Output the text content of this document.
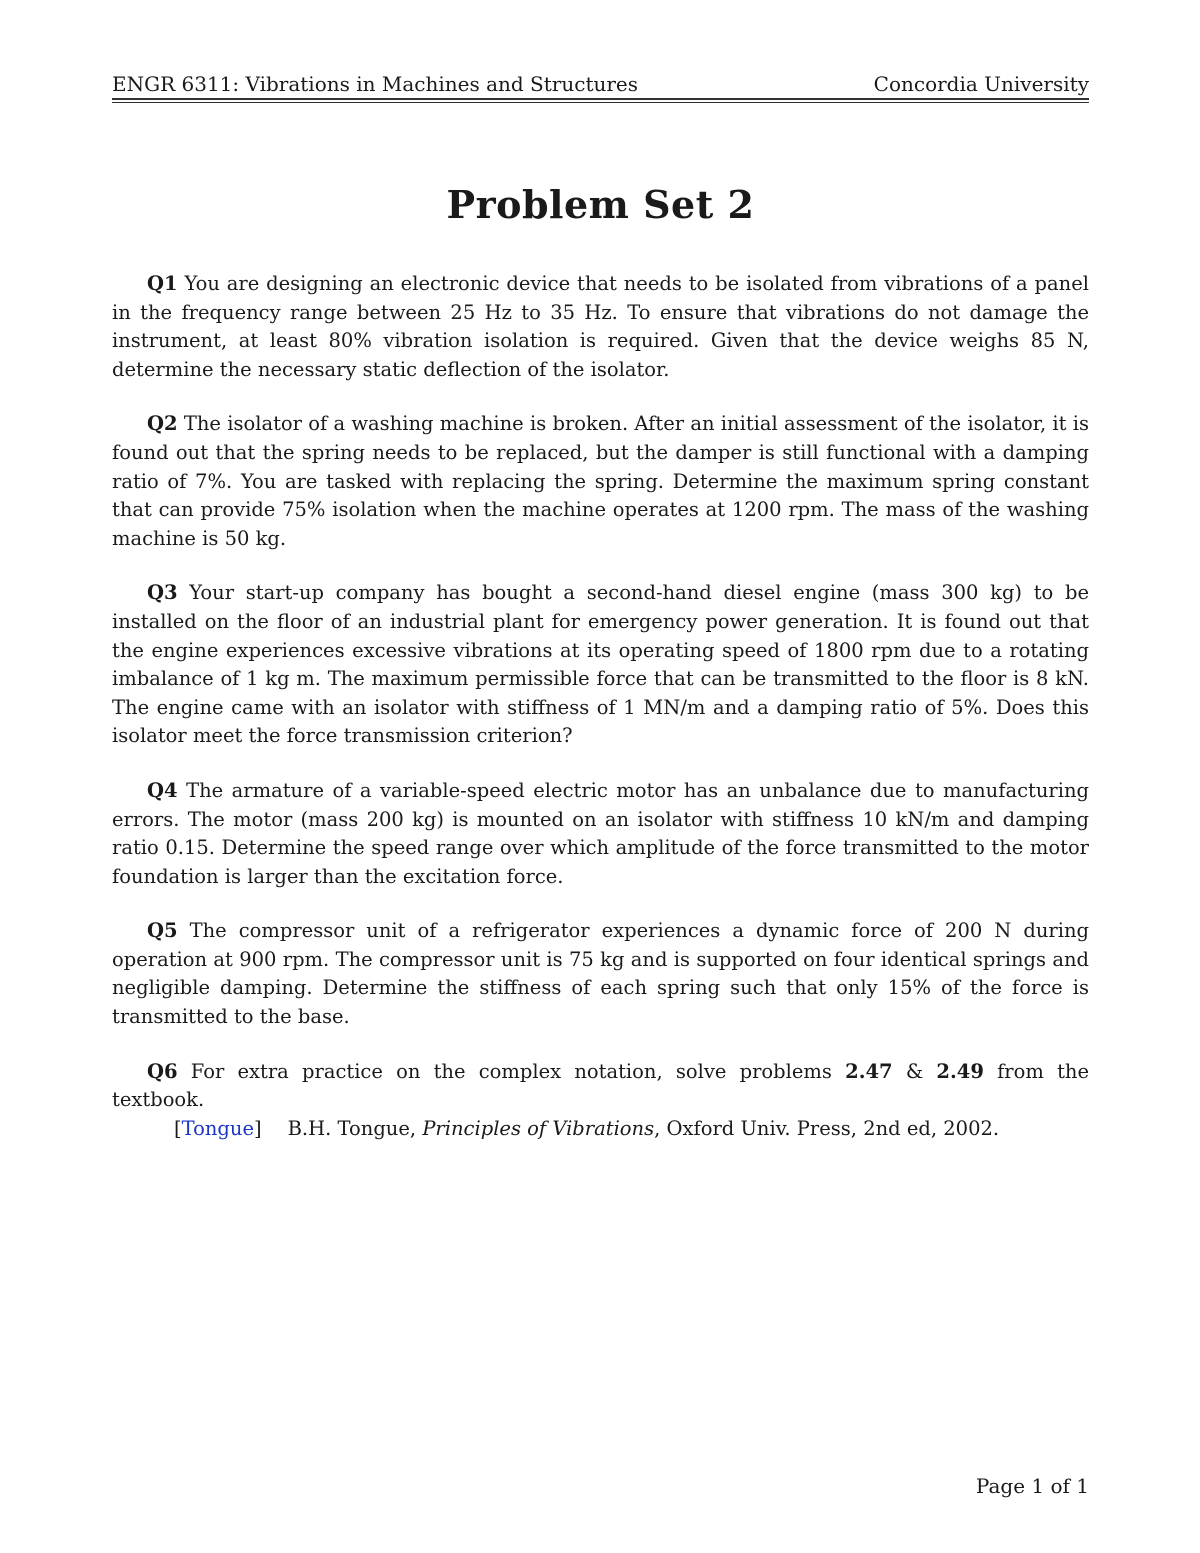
ENGR 6311: Vibrations in Machines and Structures	Concordia University
Problem Set 2

Q1 You are designing an electronic device that needs to be isolated from vibrations of a panel in the frequency range between 25 Hz to 35 Hz. To ensure that vibrations do not damage the instrument, at least 80% vibration isolation is required. Given that the device weighs 85 N, determine the necessary static deflection of the isolator.

Q2 The isolator of a washing machine is broken. After an initial assessment of the isolator, it is found out that the spring needs to be replaced, but the damper is still functional with a damping ratio of 7%. You are tasked with replacing the spring. Determine the maximum spring constant that can provide 75% isolation when the machine operates at 1200 rpm. The mass of the washing machine is 50 kg.

Q3 Your start-up company has bought a second-hand diesel engine (mass 300 kg) to be installed on the floor of an industrial plant for emergency power generation. It is found out that the engine experiences excessive vibrations at its operating speed of 1800 rpm due to a rotating imbalance of 1 kg m. The maximum permissible force that can be transmitted to the floor is 8 kN. The engine came with an isolator with stiffness of 1 MN/m and a damping ratio of 5%. Does this isolator meet the force transmission criterion?

Q4 The armature of a variable-speed electric motor has an unbalance due to manufacturing errors. The motor (mass 200 kg) is mounted on an isolator with stiffness 10 kN/m and damping ratio 0.15. Determine the speed range over which amplitude of the force transmitted to the motor foundation is larger than the excitation force.

Q5 The compressor unit of a refrigerator experiences a dynamic force of 200 N during operation at 900 rpm. The compressor unit is 75 kg and is supported on four identical springs and negligible damping. Determine the stiffness of each spring such that only 15% of the force is transmitted to the base.

Q6 For extra practice on the complex notation, solve problems 2.47 & 2.49 from the textbook.

[Tongue] B.H. Tongue, Principles of Vibrations, Oxford Univ. Press, 2nd ed, 2002.
Page 1 of 1
